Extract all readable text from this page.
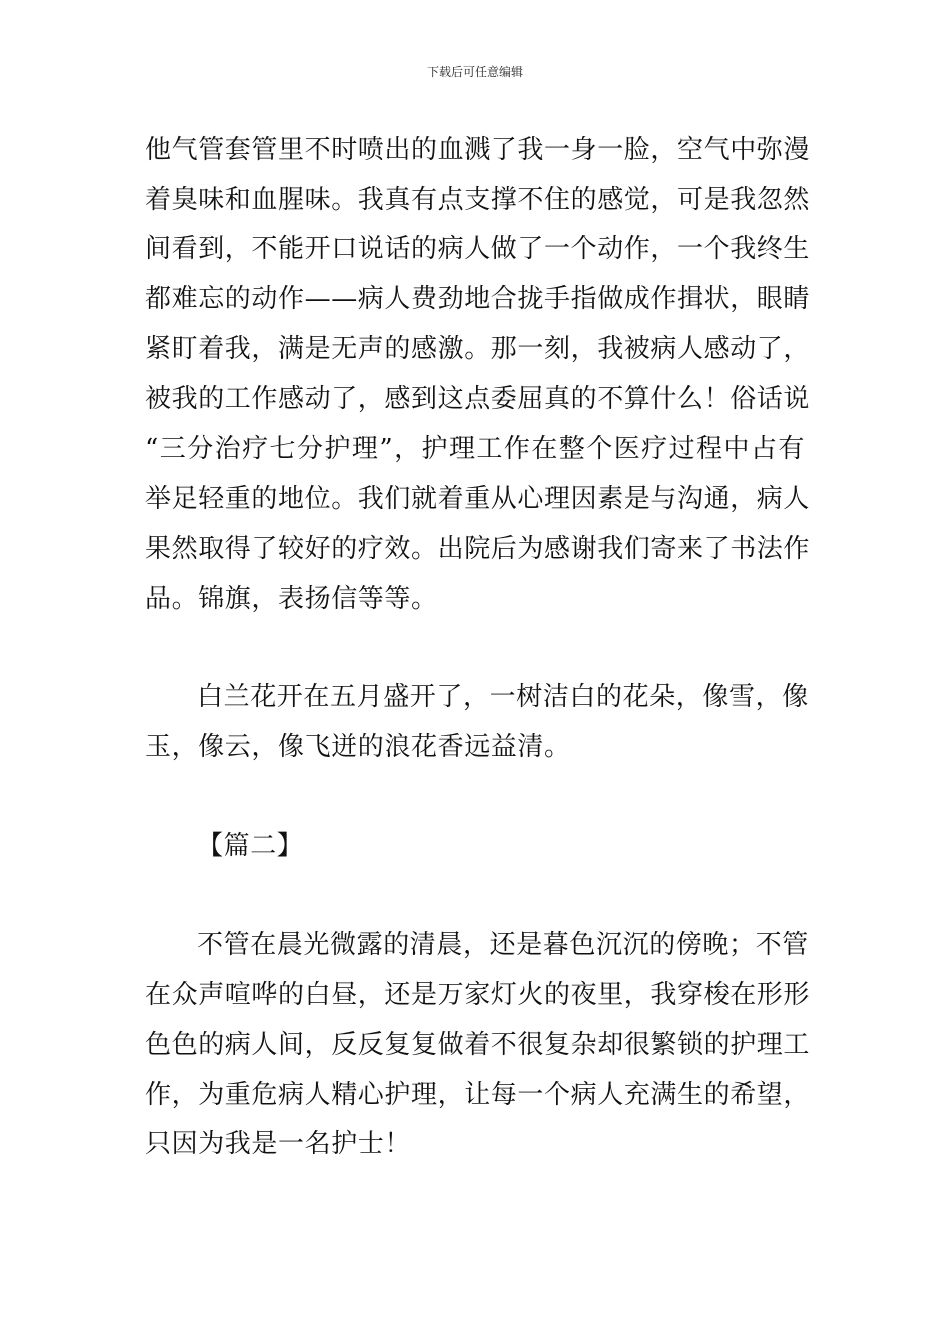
下载后可任意编辑
他气管套管里不时喷出的血溅了我一身一脸，空气中弥漫
着臭味和血腥味。我真有点支撑不住的感觉，可是我忽然
间看到，不能开口说话的病人做了一个动作，一个我终生
都难忘的动作——病人费劲地合拢手指做成作揖状，眼睛
紧盯着我，满是无声的感激。那一刻，我被病人感动了，
被我的工作感动了，感到这点委屈真的不算什么！俗话说
“三分治疗七分护理”，护理工作在整个医疗过程中占有
举足轻重的地位。我们就着重从心理因素是与沟通，病人
果然取得了较好的疗效。出院后为感谢我们寄来了书法作
品。锦旗，表扬信等等。
白兰花开在五月盛开了，一树洁白的花朵，像雪，像
玉，像云，像飞迸的浪花香远益清。
【篇二】
不管在晨光微露的清晨，还是暮色沉沉的傍晚；不管
在众声喧哗的白昼，还是万家灯火的夜里，我穿梭在形形
色色的病人间，反反复复做着不很复杂却很繁锁的护理工
作，为重危病人精心护理，让每一个病人充满生的希望，
只因为我是一名护士！
